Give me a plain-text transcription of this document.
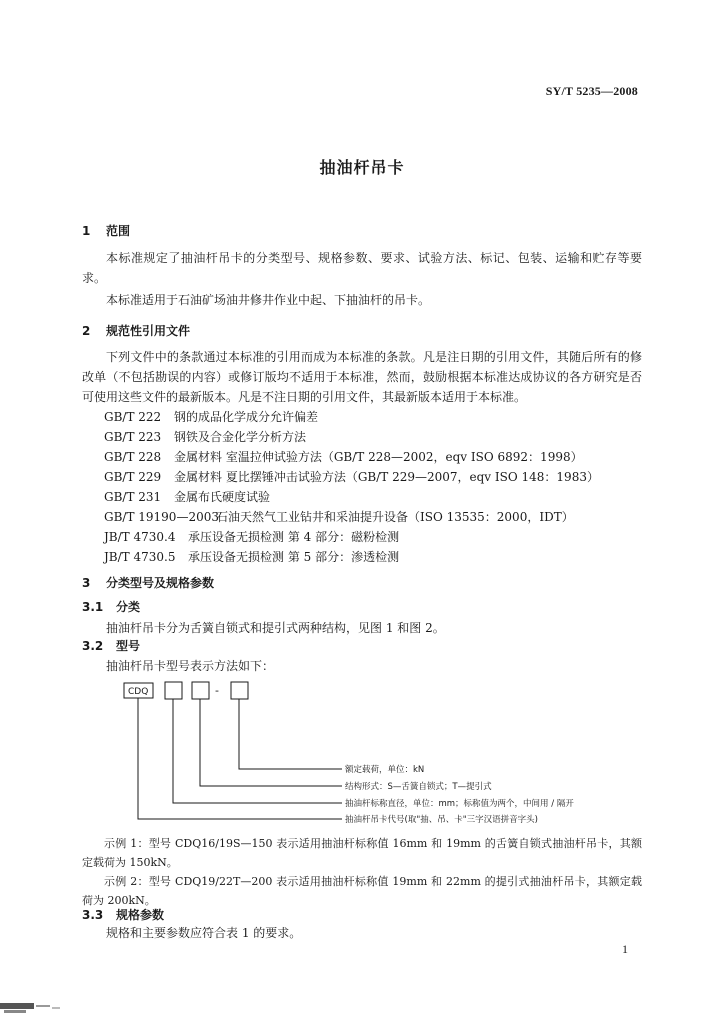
SY/T 5235—2008
抽油杆吊卡
1 范围
本标准规定了抽油杆吊卡的分类型号、规格参数、要求、试验方法、标记、包装、运输和贮存等要求。
本标准适用于石油矿场油井修井作业中起、下抽油杆的吊卡。
2 规范性引用文件
下列文件中的条款通过本标准的引用而成为本标准的条款。凡是注日期的引用文件，其随后所有的修改单（不包括勘误的内容）或修订版均不适用于本标准，然而，鼓励根据本标准达成协议的各方研究是否可使用这些文件的最新版本。凡是不注日期的引用文件，其最新版本适用于本标准。
GB/T 222 钢的成品化学成分允许偏差
GB/T 223 钢铁及合金化学分析方法
GB/T 228 金属材料 室温拉伸试验方法（GB/T 228—2002，eqv ISO 6892：1998）
GB/T 229 金属材料 夏比摆锤冲击试验方法（GB/T 229—2007，eqv ISO 148：1983）
GB/T 231 金属布氏硬度试验
GB/T 19190—2003石油天然气工业钻井和采油提升设备（ISO 13535：2000，IDT）
JB/T 4730.4 承压设备无损检测 第 4 部分：磁粉检测
JB/T 4730.5 承压设备无损检测 第 5 部分：渗透检测
3 分类型号及规格参数
3.1 分类
抽油杆吊卡分为舌簧自锁式和提引式两种结构，见图 1 和图 2。
3.2 型号
抽油杆吊卡型号表示方法如下：
CDQ	-
额定载荷，单位：kN
结构形式：S—舌簧自锁式；T—提引式
抽油杆标称直径，单位：mm；标称值为两个，中间用 / 隔开
抽油杆吊卡代号(取"抽、吊、卡"三字汉语拼音字头)
示例 1：型号 CDQ16/19S—150 表示适用抽油杆标称值 16mm 和 19mm 的舌簧自锁式抽油杆吊卡，其额定载荷为 150kN。
示例 2：型号 CDQ19/22T—200 表示适用抽油杆标称值 19mm 和 22mm 的提引式抽油杆吊卡，其额定载荷为 200kN。
3.3 规格参数
规格和主要参数应符合表 1 的要求。
1
